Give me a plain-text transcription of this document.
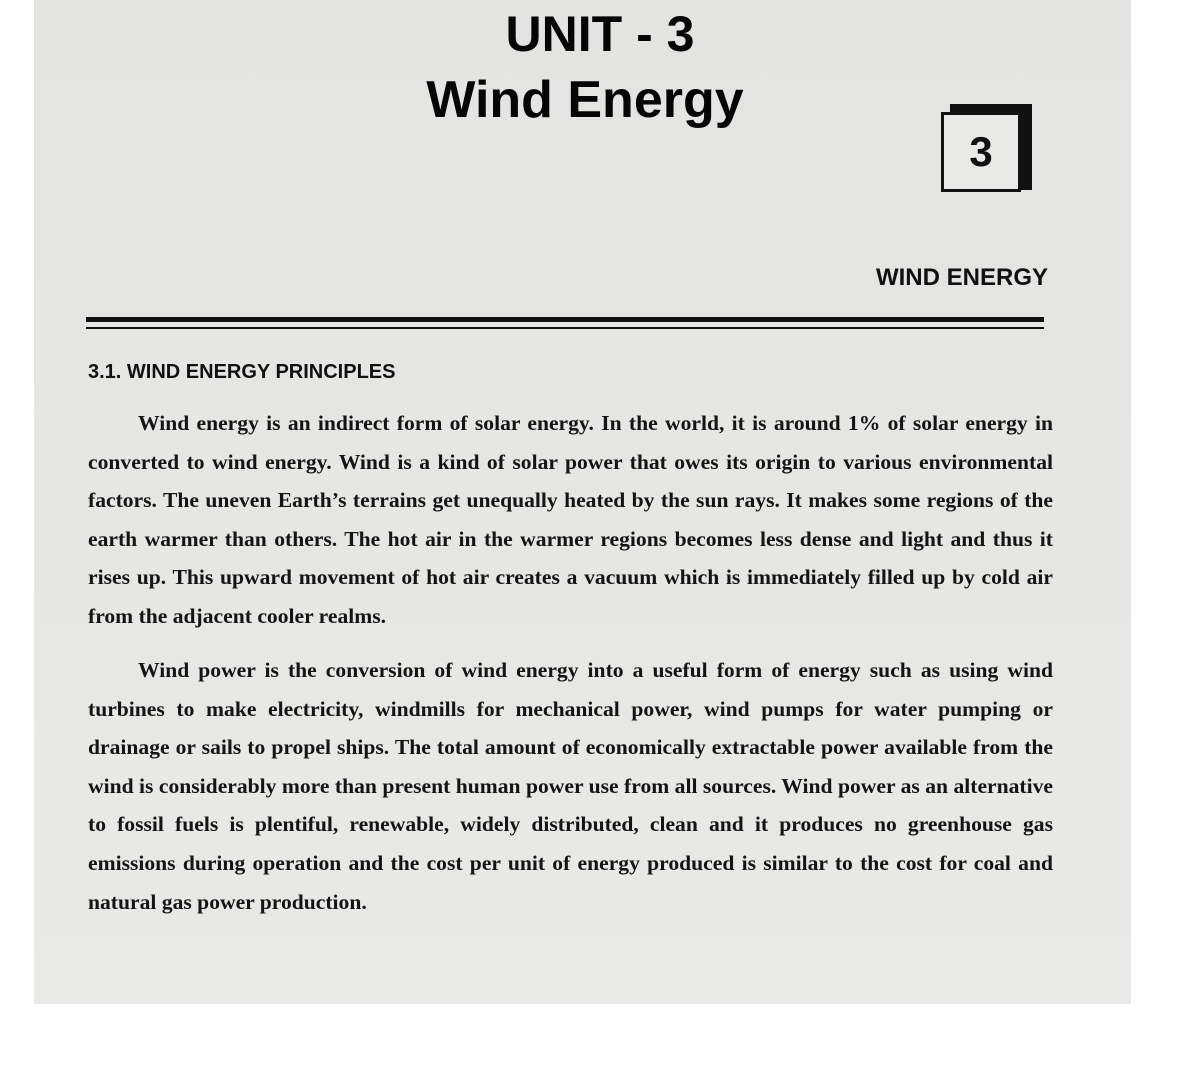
UNIT - 3
Wind Energy
3
WIND ENERGY
3.1. WIND ENERGY PRINCIPLES

Wind energy is an indirect form of solar energy. In the world, it is around 1% of solar energy in converted to wind energy. Wind is a kind of solar power that owes its origin to various environmental factors. The uneven Earth’s terrains get unequally heated by the sun rays. It makes some regions of the earth warmer than others. The hot air in the warmer regions becomes less dense and light and thus it rises up. This upward movement of hot air creates a vacuum which is immediately filled up by cold air from the adjacent cooler realms.

Wind power is the conversion of wind energy into a useful form of energy such as using wind turbines to make electricity, windmills for mechanical power, wind pumps for water pumping or drainage or sails to propel ships. The total amount of economically extractable power available from the wind is considerably more than present human power use from all sources. Wind power as an alternative to fossil fuels is plentiful, renewable, widely distributed, clean and it produces no greenhouse gas emissions during operation and the cost per unit of energy produced is similar to the cost for coal and natural gas power production.
